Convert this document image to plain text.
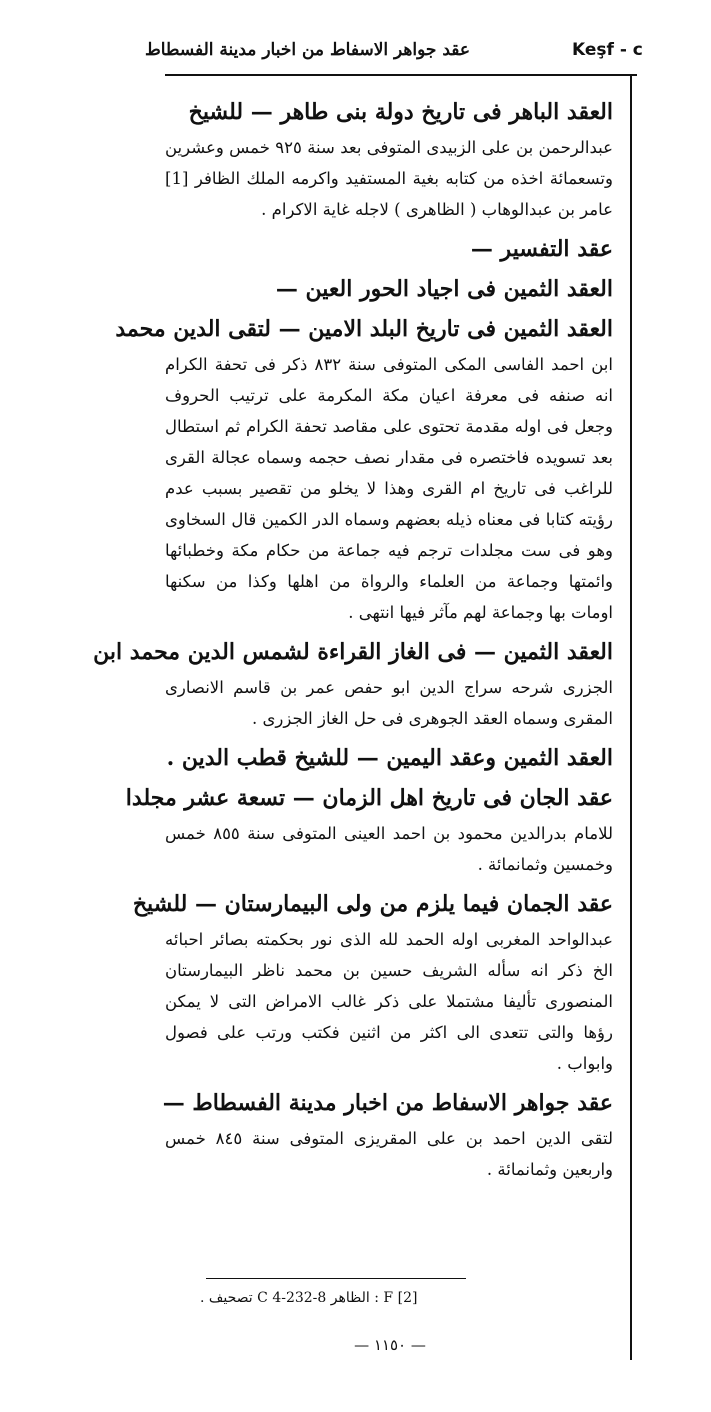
عقد جواهر الاسفاط من اخبار مدينة الفسطاط	Keşf - c

العقد الباهر فى تاريخ دولة بنى طاهر — للشيخ

عبدالرحمن بن على الزبيدى المتوفى بعد سنة ٩٢٥ خمس وعشرين وتسعمائة اخذه من كتابه بغية المستفيد واكرمه الملك الظافر [1] عامر بن عبدالوهاب ( الظاهرى ) لاجله غاية الاكرام .

عقد التفسير —

العقد الثمين فى اجياد الحور العين —

العقد الثمين فى تاريخ البلد الامين — لتقى الدين محمد

ابن احمد الفاسى المكى المتوفى سنة ٨٣٢ ذكر فى تحفة الكرام انه صنفه فى معرفة اعيان مكة المكرمة على ترتيب الحروف وجعل فى اوله مقدمة تحتوى على مقاصد تحفة الكرام ثم استطال بعد تسويده فاختصره فى مقدار نصف حجمه وسماه عجالة القرى للراغب فى تاريخ ام القرى وهذا لا يخلو من تقصير بسبب عدم رؤيته كتابا فى معناه ذيله بعضهم وسماه الدر الكمين قال السخاوى وهو فى ست مجلدات ترجم فيه جماعة من حكام مكة وخطبائها وائمتها وجماعة من العلماء والرواة من اهلها وكذا من سكنها اومات بها وجماعة لهم مآثر فيها انتهى .

العقد الثمين — فى الغاز القراءة لشمس الدين محمد ابن

الجزرى شرحه سراج الدين ابو حفص عمر بن قاسم الانصارى المقرى وسماه العقد الجوهرى فى حل الغاز الجزرى .

العقد الثمين وعقد اليمين — للشيخ قطب الدين .

عقد الجان فى تاريخ اهل الزمان — تسعة عشر مجلدا

للامام بدرالدين محمود بن احمد العينى المتوفى سنة ٨٥٥ خمس وخمسين وثمانمائة .

عقد الجمان فيما يلزم من ولى البيمارستان — للشيخ

عبدالواحد المغربى اوله الحمد لله الذى نور بحكمته بصائر احبائه الخ ذكر انه سأله الشريف حسين بن محمد ناظر البيمارستان المنصورى تأليفا مشتملا على ذكر غالب الامراض التى لا يمكن رؤها والتى تتعدى الى اكثر من اثنين فكتب ورتب على فصول وابواب .

عقد جواهر الاسفاط من اخبار مدينة الفسطاط —

لتقى الدين احمد بن على المقريزى المتوفى سنة ٨٤٥ خمس واربعين وثمانمائة .

[2] F : الظاهر C 4-232-8 تصحيف .
— ١١٥٠ —
